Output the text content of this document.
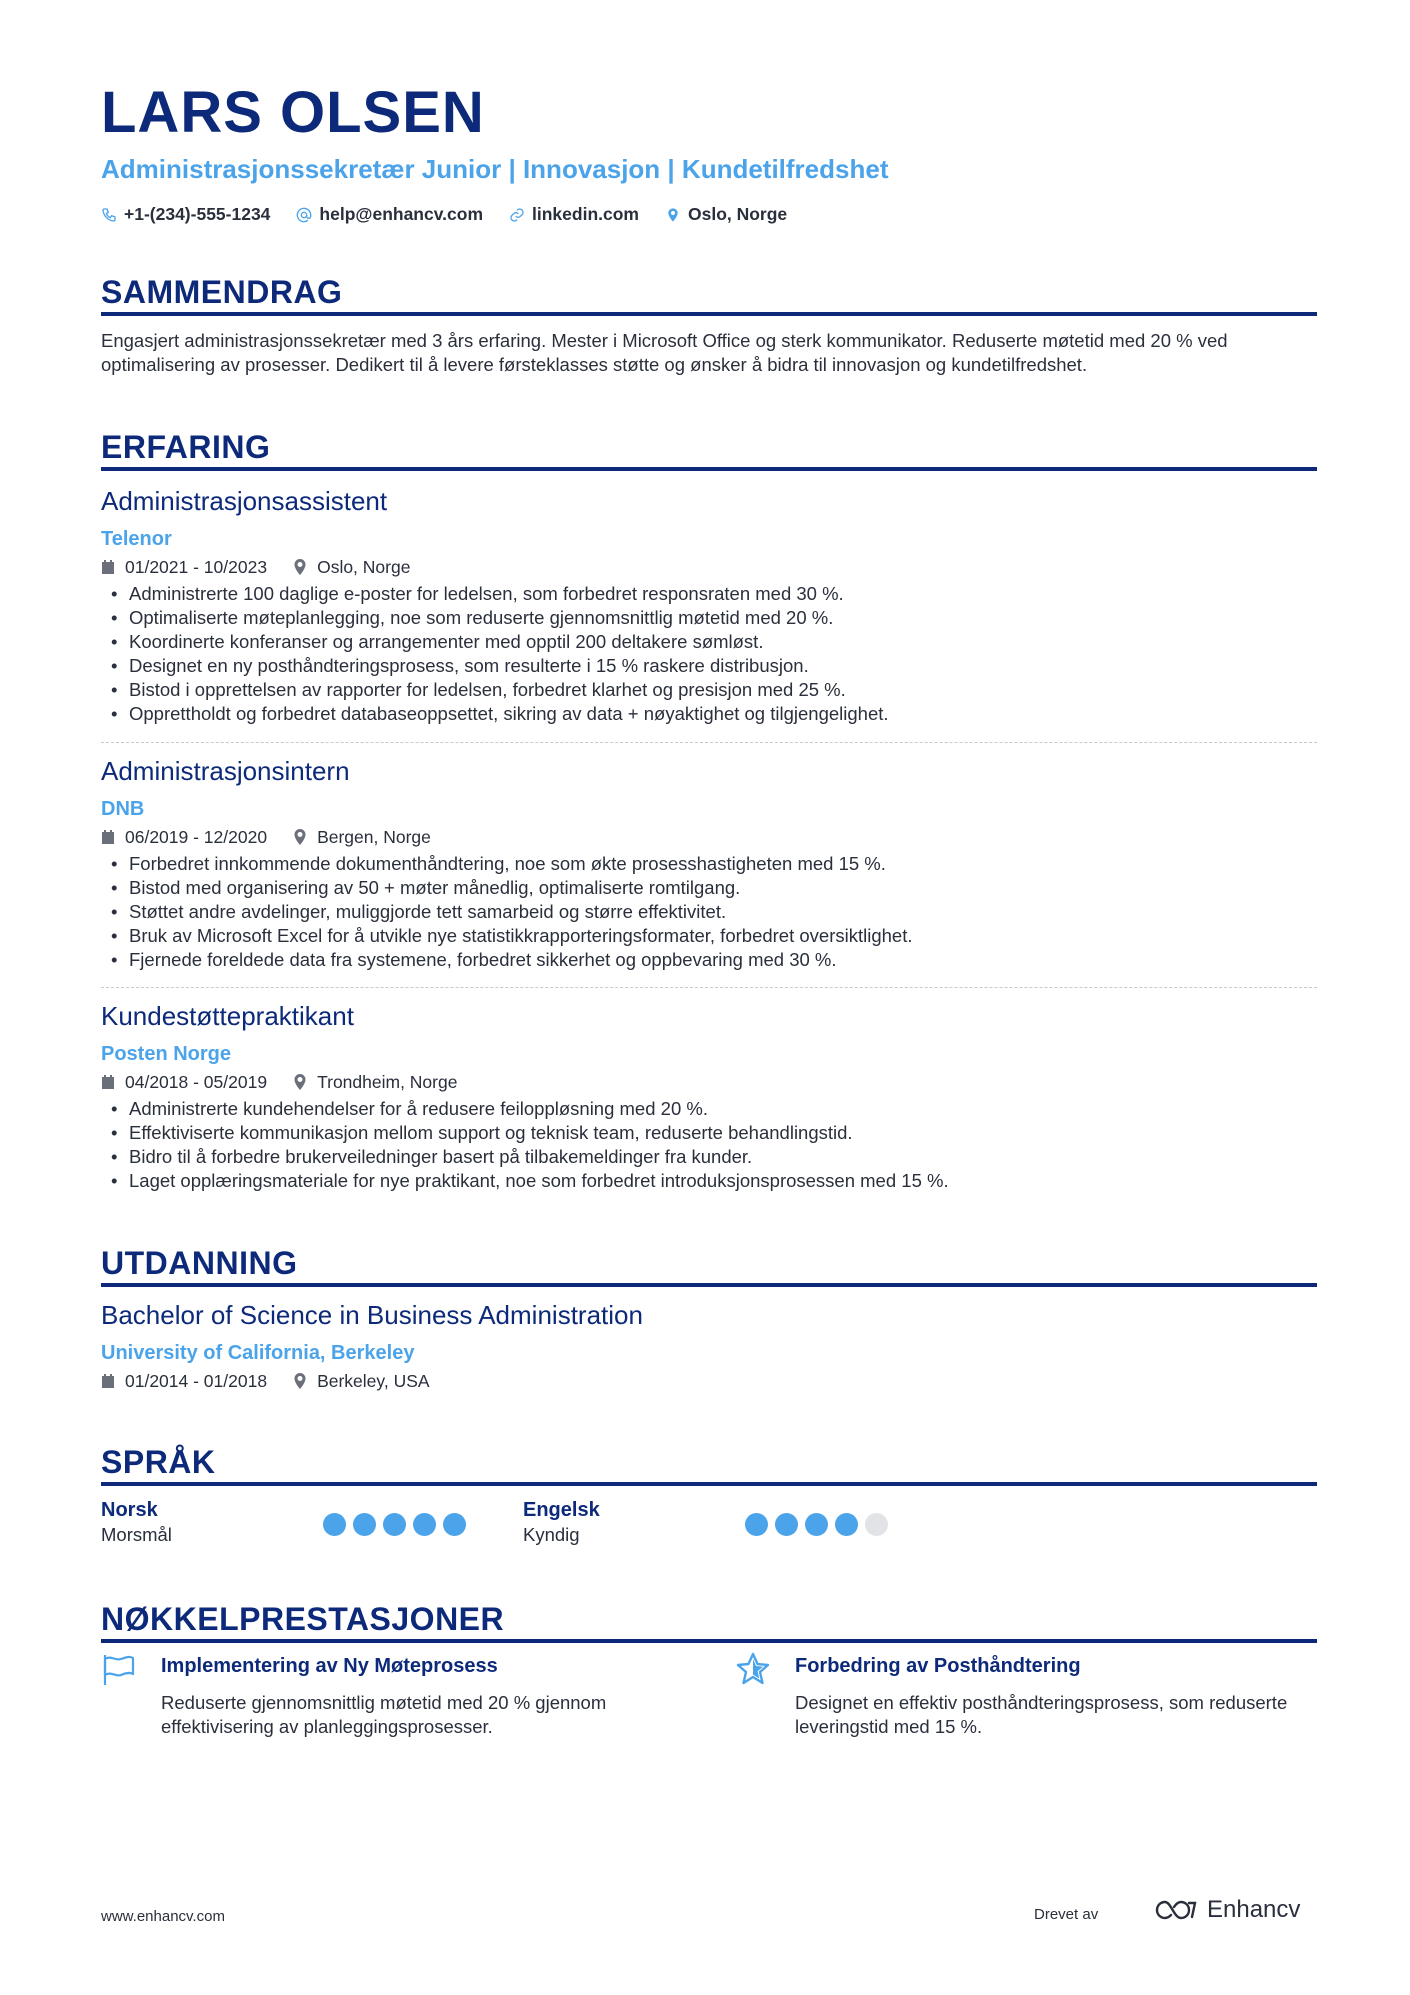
LARS OLSEN
Administrasjonssekretær Junior | Innovasjon | Kundetilfredshet
+1-(234)-555-1234	help@enhancv.com	linkedin.com	Oslo, Norge
SAMMENDRAG
Engasjert administrasjonssekretær med 3 års erfaring. Mester i Microsoft Office og sterk kommunikator. Reduserte møtetid med 20 % ved optimalisering av prosesser. Dedikert til å levere førsteklasses støtte og ønsker å bidra til innovasjon og kundetilfredshet.
ERFARING
Administrasjonsassistent
Telenor
01/2021 - 10/2023	Oslo, Norge
• Administrerte 100 daglige e-poster for ledelsen, som forbedret responsraten med 30 %.
• Optimaliserte møteplanlegging, noe som reduserte gjennomsnittlig møtetid med 20 %.
• Koordinerte konferanser og arrangementer med opptil 200 deltakere sømløst.
• Designet en ny posthåndteringsprosess, som resulterte i 15 % raskere distribusjon.
• Bistod i opprettelsen av rapporter for ledelsen, forbedret klarhet og presisjon med 25 %.
• Opprettholdt og forbedret databaseoppsettet, sikring av data + nøyaktighet og tilgjengelighet.
Administrasjonsintern
DNB
06/2019 - 12/2020	Bergen, Norge
• Forbedret innkommende dokumenthåndtering, noe som økte prosesshastigheten med 15 %.
• Bistod med organisering av 50 + møter månedlig, optimaliserte romtilgang.
• Støttet andre avdelinger, muliggjorde tett samarbeid og større effektivitet.
• Bruk av Microsoft Excel for å utvikle nye statistikkrapporteringsformater, forbedret oversiktlighet.
• Fjernede foreldede data fra systemene, forbedret sikkerhet og oppbevaring med 30 %.
Kundestøttepraktikant
Posten Norge
04/2018 - 05/2019	Trondheim, Norge
• Administrerte kundehendelser for å redusere feiloppløsning med 20 %.
• Effektiviserte kommunikasjon mellom support og teknisk team, reduserte behandlingstid.
• Bidro til å forbedre brukerveiledninger basert på tilbakemeldinger fra kunder.
• Laget opplæringsmateriale for nye praktikant, noe som forbedret introduksjonsprosessen med 15 %.
UTDANNING
Bachelor of Science in Business Administration
University of California, Berkeley
01/2014 - 01/2018	Berkeley, USA
SPRÅK
Norsk
Morsmål
Engelsk
Kyndig
NØKKELPRESTASJONER
Implementering av Ny Møteprosess
Reduserte gjennomsnittlig møtetid med 20 % gjennom effektivisering av planleggingsprosesser.
Forbedring av Posthåndtering
Designet en effektiv posthåndteringsprosess, som reduserte leveringstid med 15 %.
www.enhancv.com	Drevet av	Enhancv
